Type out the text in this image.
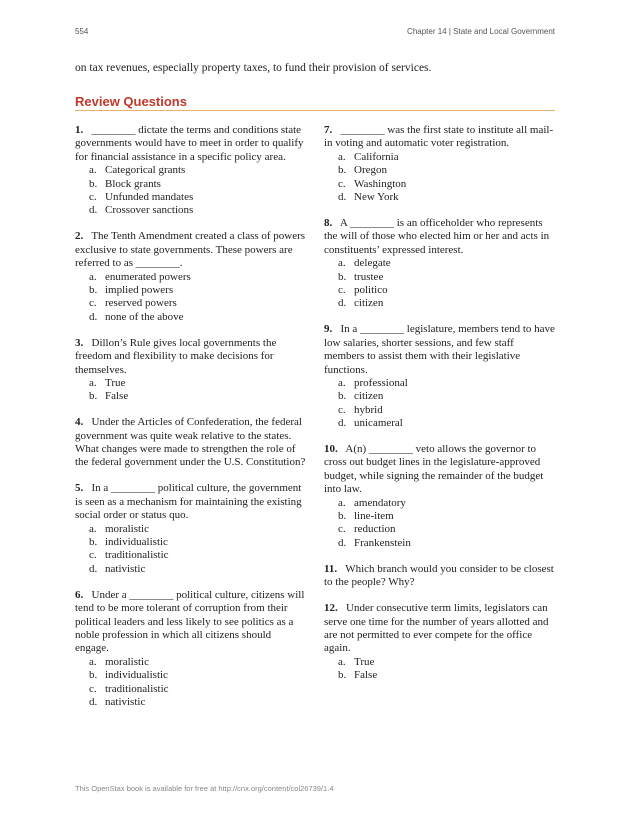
554	Chapter 14 | State and Local Government
on tax revenues, especially property taxes, to fund their provision of services.
Review Questions
1. ________ dictate the terms and conditions state governments would have to meet in order to qualify for financial assistance in a specific policy area.
a. Categorical grants
b. Block grants
c. Unfunded mandates
d. Crossover sanctions
2. The Tenth Amendment created a class of powers exclusive to state governments. These powers are referred to as ________.
a. enumerated powers
b. implied powers
c. reserved powers
d. none of the above
3. Dillon’s Rule gives local governments the freedom and flexibility to make decisions for themselves.
a. True
b. False
4. Under the Articles of Confederation, the federal government was quite weak relative to the states. What changes were made to strengthen the role of the federal government under the U.S. Constitution?
5. In a ________ political culture, the government is seen as a mechanism for maintaining the existing social order or status quo.
a. moralistic
b. individualistic
c. traditionalistic
d. nativistic
6. Under a ________ political culture, citizens will tend to be more tolerant of corruption from their political leaders and less likely to see politics as a noble profession in which all citizens should engage.
a. moralistic
b. individualistic
c. traditionalistic
d. nativistic
7. ________ was the first state to institute all mail-in voting and automatic voter registration.
a. California
b. Oregon
c. Washington
d. New York
8. A ________ is an officeholder who represents the will of those who elected him or her and acts in constituents’ expressed interest.
a. delegate
b. trustee
c. politico
d. citizen
9. In a ________ legislature, members tend to have low salaries, shorter sessions, and few staff members to assist them with their legislative functions.
a. professional
b. citizen
c. hybrid
d. unicameral
10. A(n) ________ veto allows the governor to cross out budget lines in the legislature-approved budget, while signing the remainder of the budget into law.
a. amendatory
b. line-item
c. reduction
d. Frankenstein
11. Which branch would you consider to be closest to the people? Why?
12. Under consecutive term limits, legislators can serve one time for the number of years allotted and are not permitted to ever compete for the office again.
a. True
b. False
This OpenStax book is available for free at http://cnx.org/content/col26739/1.4
